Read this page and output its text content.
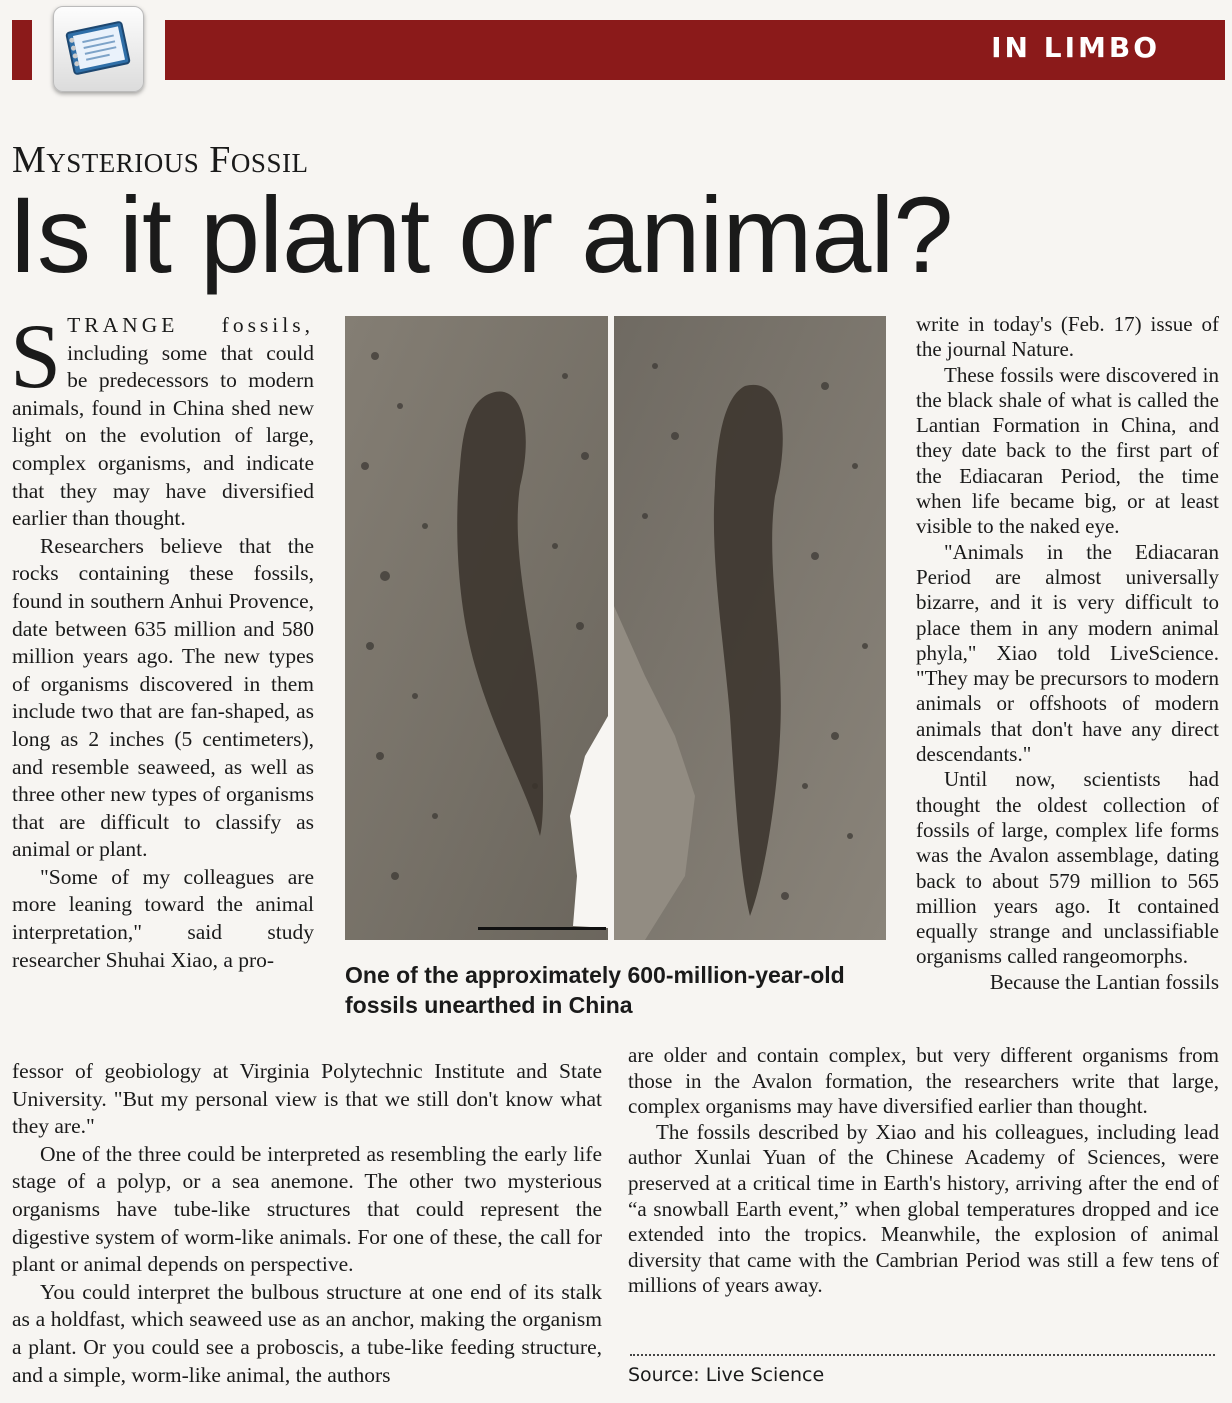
IN LIMBO
Mysterious Fossil
Is it plant or animal?

STRANGE fossils, including some that could be predecessors to modern animals, found in China shed new light on the evolution of large, complex organisms, and indicate that they may have diversified earlier than thought.

Researchers believe that the rocks containing these fossils, found in southern Anhui Provence, date between 635 million and 580 million years ago. The new types of organisms discovered in them include two that are fan-shaped, as long as 2 inches (5 centimeters), and resemble seaweed, as well as three other new types of organisms that are difficult to classify as animal or plant.

"Some of my colleagues are more leaning toward the animal interpretation," said study researcher Shuhai Xiao, a pro-

fessor of geobiology at Virginia Polytechnic Institute and State University. "But my personal view is that we still don't know what they are."

One of the three could be interpreted as resembling the early life stage of a polyp, or a sea anemone. The other two mysterious organisms have tube-like structures that could represent the digestive system of worm-like animals. For one of these, the call for plant or animal depends on perspective.

You could interpret the bulbous structure at one end of its stalk as a holdfast, which seaweed use as an anchor, making the organism a plant. Or you could see a proboscis, a tube-like feeding structure, and a simple, worm-like animal, the authors

One of the approximately 600-million-year-old fossils unearthed in China

write in today's (Feb. 17) issue of the journal Nature.

These fossils were discovered in the black shale of what is called the Lantian Formation in China, and they date back to the first part of the Ediacaran Period, the time when life became big, or at least visible to the naked eye.

"Animals in the Ediacaran Period are almost universally bizarre, and it is very difficult to place them in any modern animal phyla," Xiao told LiveScience. "They may be precursors to modern animals or offshoots of modern animals that don't have any direct descendants."

Until now, scientists had thought the oldest collection of fossils of large, complex life forms was the Avalon assemblage, dating back to about 579 million to 565 million years ago. It contained equally strange and unclassifiable organisms called rangeomorphs.

Because the Lantian fossils

are older and contain complex, but very different organisms from those in the Avalon formation, the researchers write that large, complex organisms may have diversified earlier than thought.

The fossils described by Xiao and his colleagues, including lead author Xunlai Yuan of the Chinese Academy of Sciences, were preserved at a critical time in Earth's history, arriving after the end of “a snowball Earth event,” when global temperatures dropped and ice extended into the tropics. Meanwhile, the explosion of animal diversity that came with the Cambrian Period was still a few tens of millions of years away.

Source: Live Science
